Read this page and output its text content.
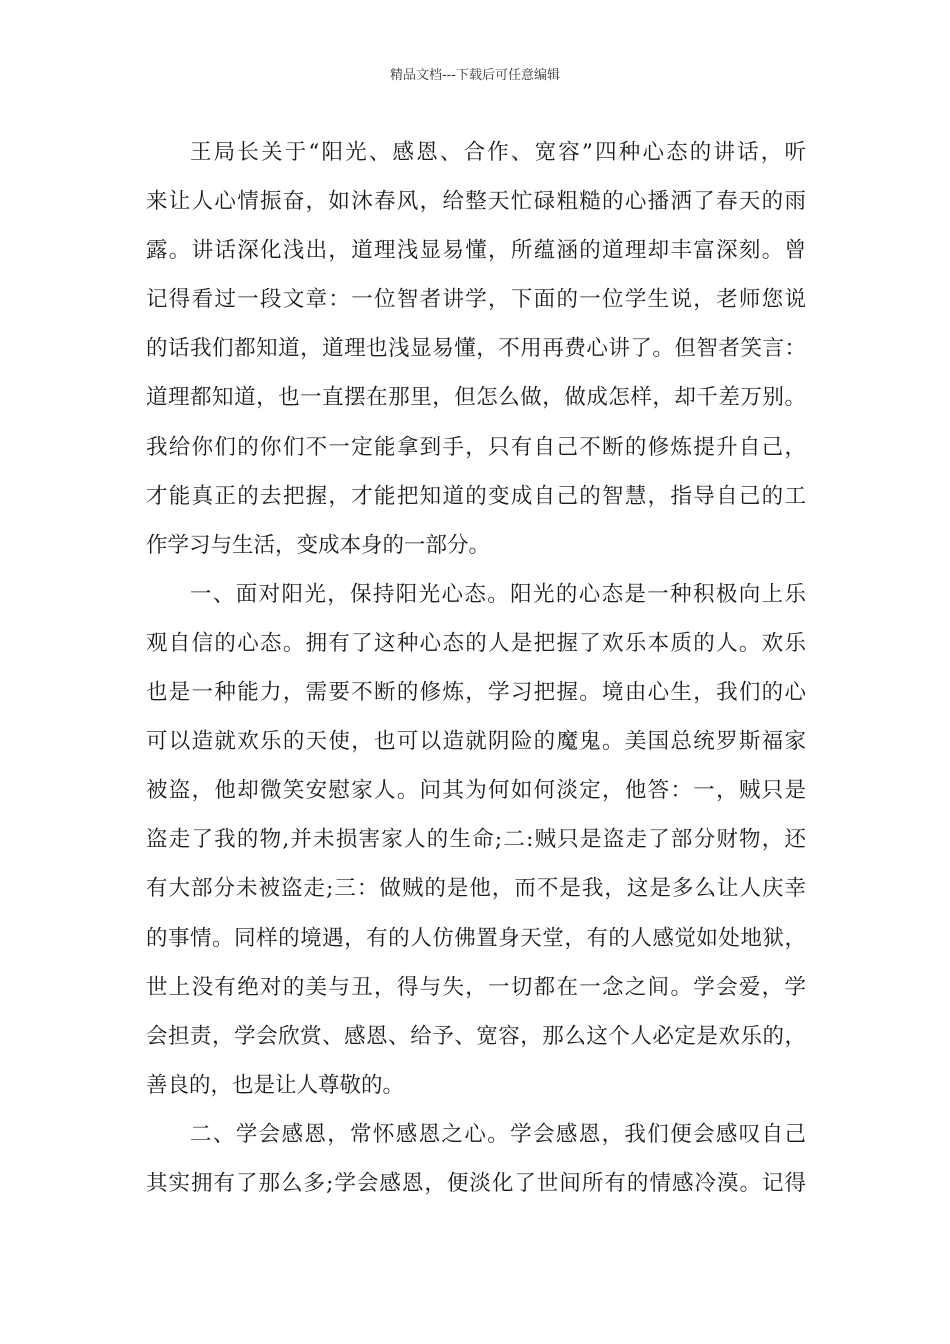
精品文档---下载后可任意编辑
王局长关于“阳光、感恩、合作、宽容”四种心态的讲话，听
来让人心情振奋，如沐春风，给整天忙碌粗糙的心播洒了春天的雨
露。讲话深化浅出，道理浅显易懂，所蕴涵的道理却丰富深刻。曾
记得看过一段文章：一位智者讲学，下面的一位学生说，老师您说
的话我们都知道，道理也浅显易懂，不用再费心讲了。但智者笑言：
道理都知道，也一直摆在那里，但怎么做，做成怎样，却千差万别。
我给你们的你们不一定能拿到手，只有自己不断的修炼提升自己，
才能真正的去把握，才能把知道的变成自己的智慧，指导自己的工
作学习与生活，变成本身的一部分。
一、面对阳光，保持阳光心态。阳光的心态是一种积极向上乐
观自信的心态。拥有了这种心态的人是把握了欢乐本质的人。欢乐
也是一种能力，需要不断的修炼，学习把握。境由心生，我们的心
可以造就欢乐的天使，也可以造就阴险的魔鬼。美国总统罗斯福家
被盗，他却微笑安慰家人。问其为何如何淡定，他答：一，贼只是
盗走了我的物,并未损害家人的生命;二:贼只是盗走了部分财物，还
有大部分未被盗走;三：做贼的是他，而不是我，这是多么让人庆幸
的事情。同样的境遇，有的人仿佛置身天堂，有的人感觉如处地狱，
世上没有绝对的美与丑，得与失，一切都在一念之间。学会爱，学
会担责，学会欣赏、感恩、给予、宽容，那么这个人必定是欢乐的，
善良的，也是让人尊敬的。
二、学会感恩，常怀感恩之心。学会感恩，我们便会感叹自己
其实拥有了那么多;学会感恩，便淡化了世间所有的情感冷漠。记得
